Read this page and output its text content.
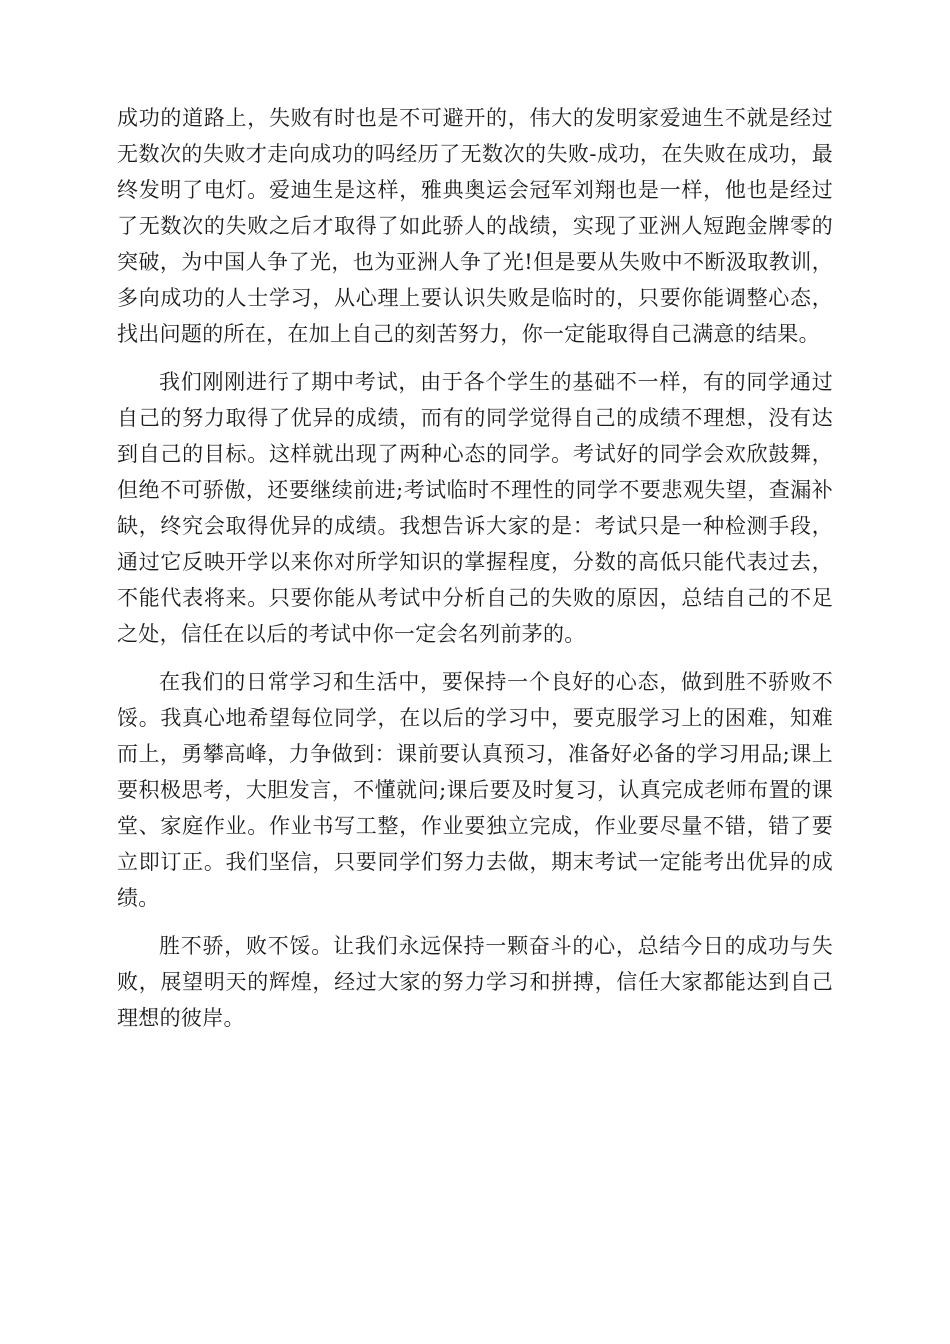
成功的道路上，失败有时也是不可避开的，伟大的发明家爱迪生不就是经过无数次的失败才走向成功的吗经历了无数次的失败-成功，在失败在成功，最终发明了电灯。爱迪生是这样，雅典奥运会冠军刘翔也是一样，他也是经过了无数次的失败之后才取得了如此骄人的战绩，实现了亚洲人短跑金牌零的突破，为中国人争了光，也为亚洲人争了光!但是要从失败中不断汲取教训，多向成功的人士学习，从心理上要认识失败是临时的，只要你能调整心态，找出问题的所在，在加上自己的刻苦努力，你一定能取得自己满意的结果。

我们刚刚进行了期中考试，由于各个学生的基础不一样，有的同学通过自己的努力取得了优异的成绩，而有的同学觉得自己的成绩不理想，没有达到自己的目标。这样就出现了两种心态的同学。考试好的同学会欢欣鼓舞，但绝不可骄傲，还要继续前进;考试临时不理性的同学不要悲观失望，查漏补缺，终究会取得优异的成绩。我想告诉大家的是：考试只是一种检测手段，通过它反映开学以来你对所学知识的掌握程度，分数的高低只能代表过去，不能代表将来。只要你能从考试中分析自己的失败的原因，总结自己的不足之处，信任在以后的考试中你一定会名列前茅的。

在我们的日常学习和生活中，要保持一个良好的心态，做到胜不骄败不馁。我真心地希望每位同学，在以后的学习中，要克服学习上的困难，知难而上，勇攀高峰，力争做到：课前要认真预习，准备好必备的学习用品;课上要积极思考，大胆发言，不懂就问;课后要及时复习，认真完成老师布置的课堂、家庭作业。作业书写工整，作业要独立完成，作业要尽量不错，错了要立即订正。我们坚信，只要同学们努力去做，期末考试一定能考出优异的成绩。

胜不骄，败不馁。让我们永远保持一颗奋斗的心，总结今日的成功与失败，展望明天的辉煌，经过大家的努力学习和拼搏，信任大家都能达到自己理想的彼岸。
